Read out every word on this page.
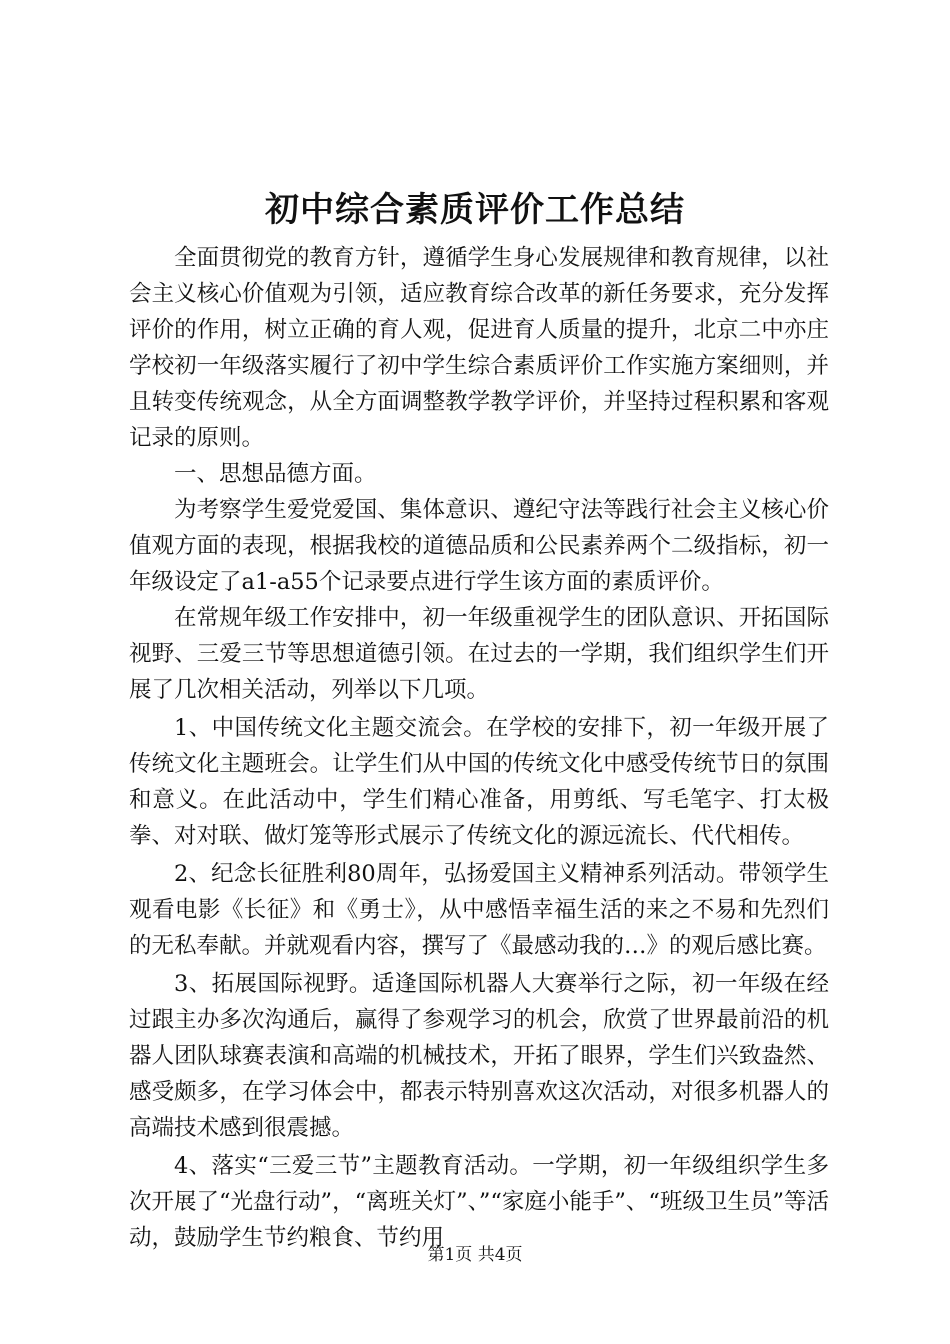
初中综合素质评价工作总结

全面贯彻党的教育方针，遵循学生身心发展规律和教育规律，以社会主义核心价值观为引领，适应教育综合改革的新任务要求，充分发挥评价的作用，树立正确的育人观，促进育人质量的提升，北京二中亦庄学校初一年级落实履行了初中学生综合素质评价工作实施方案细则，并且转变传统观念，从全方面调整教学教学评价，并坚持过程积累和客观记录的原则。

一、思想品德方面。

为考察学生爱党爱国、集体意识、遵纪守法等践行社会主义核心价值观方面的表现，根据我校的道德品质和公民素养两个二级指标，初一年级设定了a1-a55个记录要点进行学生该方面的素质评价。

在常规年级工作安排中，初一年级重视学生的团队意识、开拓国际视野、三爱三节等思想道德引领。在过去的一学期，我们组织学生们开展了几次相关活动，列举以下几项。

1、中国传统文化主题交流会。在学校的安排下，初一年级开展了传统文化主题班会。让学生们从中国的传统文化中感受传统节日的氛围和意义。在此活动中，学生们精心准备，用剪纸、写毛笔字、打太极拳、对对联、做灯笼等形式展示了传统文化的源远流长、代代相传。

2、纪念长征胜利80周年，弘扬爱国主义精神系列活动。带领学生观看电影《长征》和《勇士》，从中感悟幸福生活的来之不易和先烈们的无私奉献。并就观看内容，撰写了《最感动我的…》的观后感比赛。

3、拓展国际视野。适逢国际机器人大赛举行之际，初一年级在经过跟主办多次沟通后，赢得了参观学习的机会，欣赏了世界最前沿的机器人团队球赛表演和高端的机械技术，开拓了眼界，学生们兴致盎然、感受颇多，在学习体会中，都表示特别喜欢这次活动，对很多机器人的高端技术感到很震撼。

4、落实“三爱三节”主题教育活动。一学期，初一年级组织学生多次开展了“光盘行动”，“离班关灯”、”“家庭小能手”、“班级卫生员”等活动，鼓励学生节约粮食、节约用

第1页 共4页
